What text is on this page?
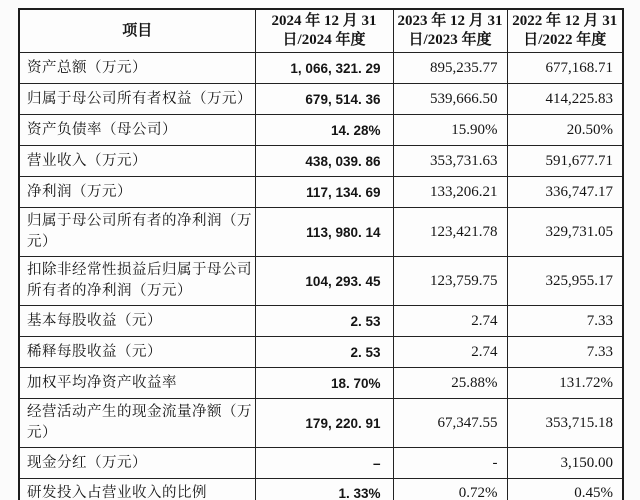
项目	2024 年 12 月 31 日/2024 年度	2023 年 12 月 31 日/2023 年度	2022 年 12 月 31 日/2022 年度
资产总额（万元）	1, 066, 321. 29	895,235.77	677,168.71
归属于母公司所有者权益（万元）	679, 514. 36	539,666.50	414,225.83
资产负债率（母公司）	14. 28%	15.90%	20.50%
营业收入（万元）	438, 039. 86	353,731.63	591,677.71
净利润（万元）	117, 134. 69	133,206.21	336,747.17
归属于母公司所有者的净利润（万元）	113, 980. 14	123,421.78	329,731.05
扣除非经常性损益后归属于母公司所有者的净利润（万元）	104, 293. 45	123,759.75	325,955.17
基本每股收益（元）	2. 53	2.74	7.33
稀释每股收益（元）	2. 53	2.74	7.33
加权平均净资产收益率	18. 70%	25.88%	131.72%
经营活动产生的现金流量净额（万元）	179, 220. 91	67,347.55	353,715.18
现金分红（万元）	–	-	3,150.00
研发投入占营业收入的比例	1. 33%	0.72%	0.45%
